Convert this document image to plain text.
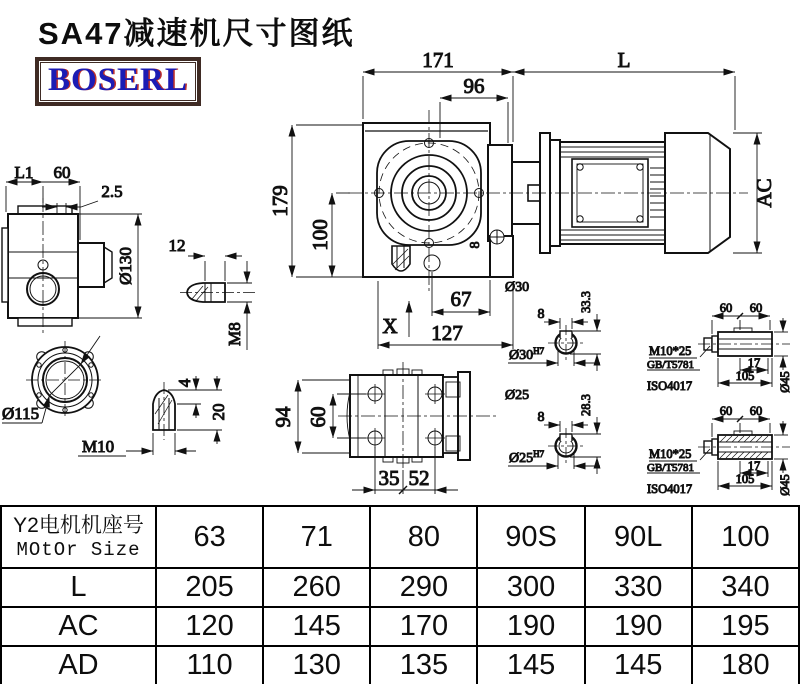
SA47减速机尺寸图纸
BOSERL
171	L
96
179
100
AC
67
127
X
8
L1 60
2.5
Ø130
12
M8
Ø115
4
20
M10
94 60
35 52
Ø30
8
33.3
$Ø30^{H7}$
Ø25
8
28.3
$Ø25^{H7}$
60 60
17
105 Ø45
M10*25
GB/T5781
ISO4017
60 60
17
105 Ø45
M10*25
GB/T5781
ISO4017
Y2电机机座号
MOtOr Size	63	71	80	90S	90L	100
L	205	260	290	300	330	340
AC	120	145	170	190	190	195
AD	110	130	135	145	145	180
